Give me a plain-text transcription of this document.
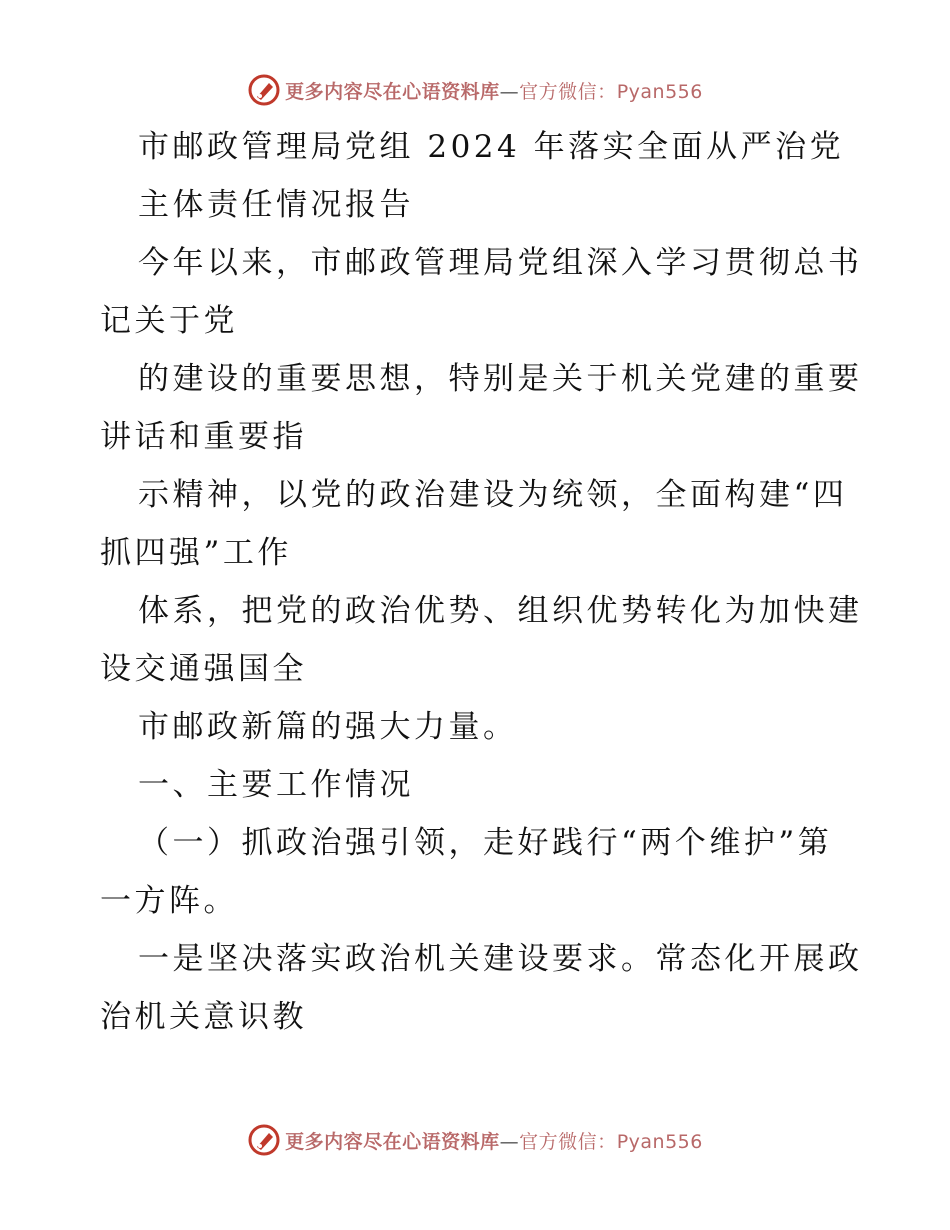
更多内容尽在心语资料库—官方微信：Pyan556
市邮政管理局党组 2024 年落实全面从严治党
主体责任情况报告
今年以来，市邮政管理局党组深入学习贯彻总书
记关于党
的建设的重要思想，特别是关于机关党建的重要
讲话和重要指
示精神，以党的政治建设为统领，全面构建“四
抓四强”工作
体系，把党的政治优势、组织优势转化为加快建
设交通强国全
市邮政新篇的强大力量。
一、主要工作情况
（一）抓政治强引领，走好践行“两个维护”第
一方阵。
一是坚决落实政治机关建设要求。常态化开展政
治机关意识教
更多内容尽在心语资料库—官方微信：Pyan556
